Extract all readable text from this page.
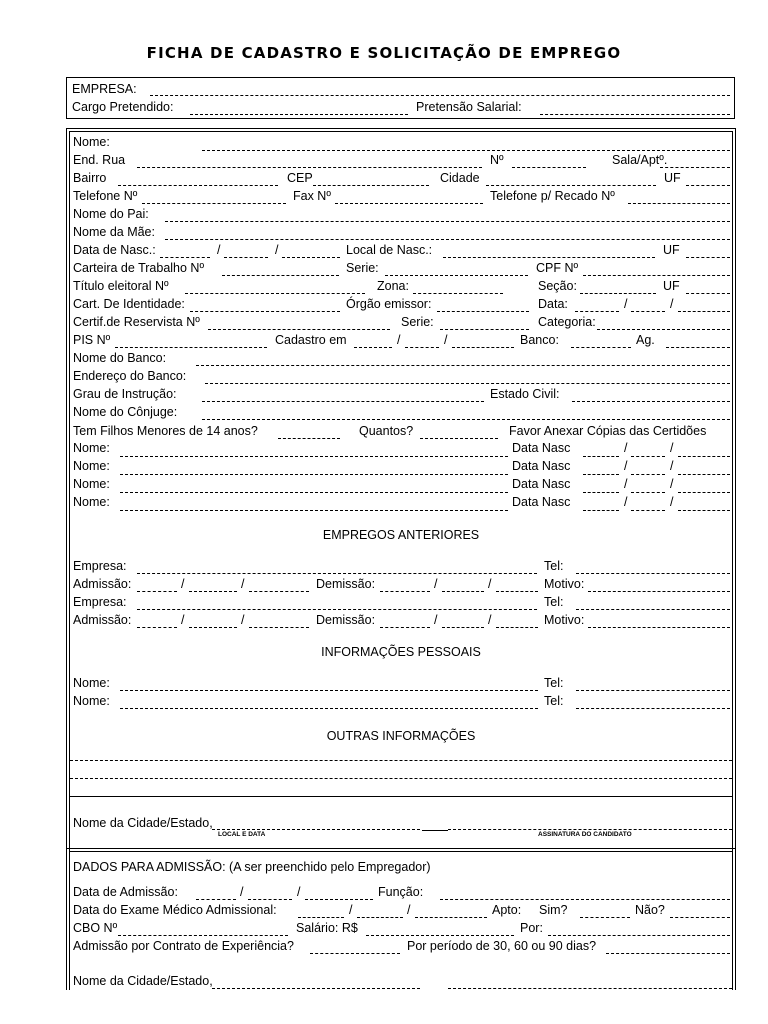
FICHA DE CADASTRO E SOLICITAÇÃO DE EMPREGO
EMPRESA:
Cargo Pretendido:	Pretensão Salarial:
Nome:
End. Rua	Nº	Sala/Aptº.
Bairro	CEP	Cidade	UF
Telefone Nº	Fax Nº	Telefone p/ Recado Nº
Nome do Pai:
Nome da Mãe:
Data de Nasc.:	/	/	Local de Nasc.:	UF
Carteira de Trabalho Nº	Serie:	CPF Nº
Título eleitoral Nº	Zona:	Seção:	UF
Cart. De Identidade:	Órgão emissor:	Data:	/	/
Certif.de Reservista Nº	Serie:	Categoria:
PIS Nº	Cadastro em	/	/	Banco:	Ag.
Nome do Banco:
Endereço do Banco:
Grau de Instrução:	Estado Civil:
Nome do Cônjuge:
Tem Filhos Menores de 14 anos?	Quantos?	Favor Anexar Cópias das Certidões
Nome:	Data Nasc	/	/
Nome:	Data Nasc	/	/
Nome:	Data Nasc	/	/
Nome:	Data Nasc	/	/
EMPREGOS ANTERIORES
Empresa:	Tel:
Admissão:	/	/	Demissão:	/	/	Motivo:
Empresa:	Tel:
Admissão:	/	/	Demissão:	/	/	Motivo:
INFORMAÇÕES PESSOAIS
Nome:	Tel:
Nome:	Tel:
OUTRAS INFORMAÇÕES
Nome da Cidade/Estado,
LOCAL E DATA	ASSINATURA DO CANDIDATO
DADOS PARA ADMISSÃO: (A ser preenchido pelo Empregador)
Data de Admissão:	/	/	Função:
Data do Exame Médico Admissional:	/	/	Apto: Sim?	Não?
CBO Nº	Salário: R$	Por:
Admissão por Contrato de Experiência?	Por período de 30, 60 ou 90 dias?
Nome da Cidade/Estado,
